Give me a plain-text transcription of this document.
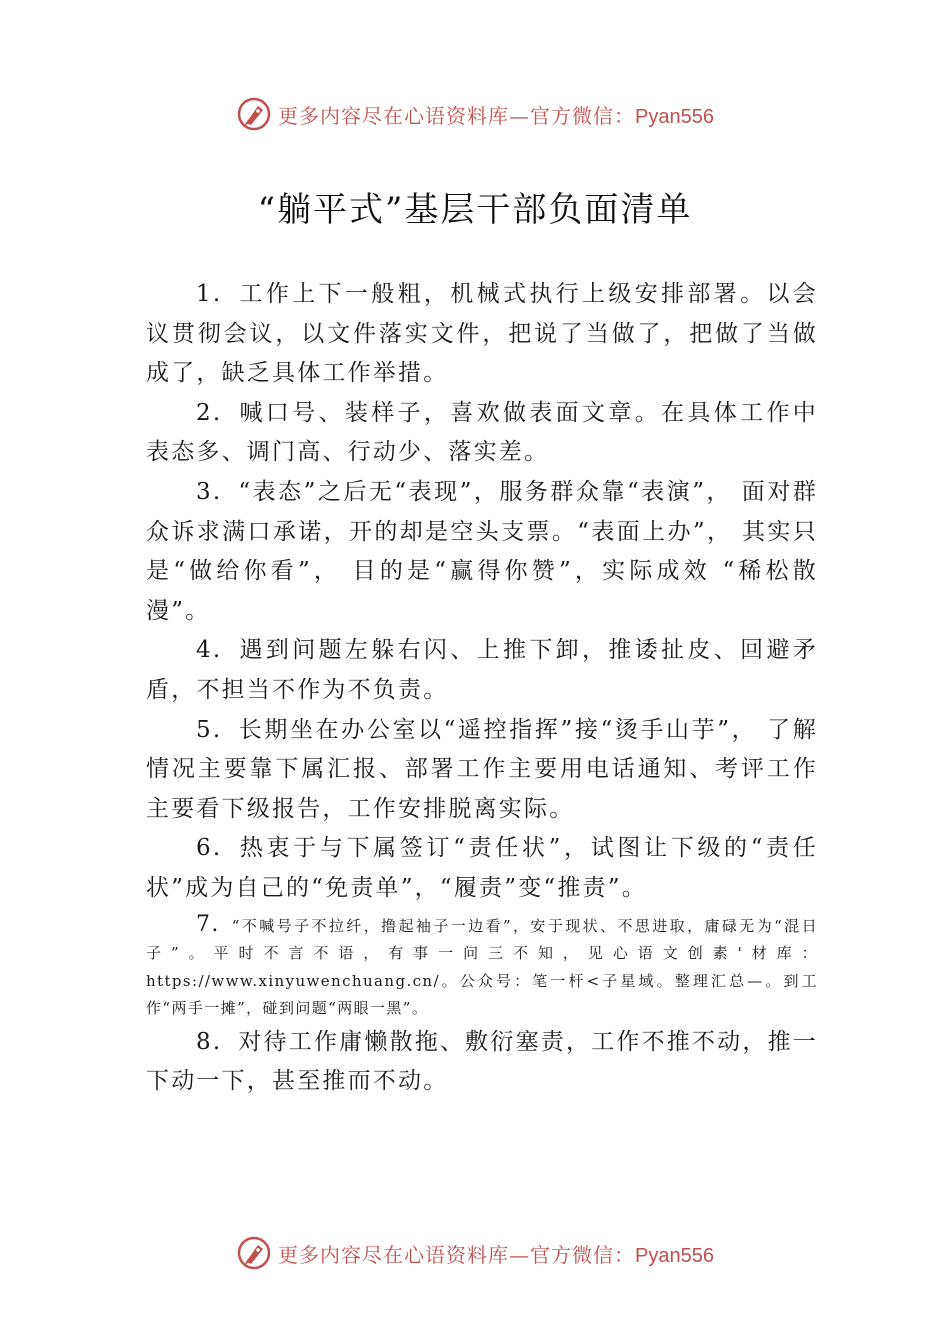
更多内容尽在心语资料库—官方微信：Pyan556
“躺平式”基层干部负面清单

1. 工作上下一般粗，机械式执行上级安排部署。以会 议贯彻会议，以文件落实文件，把说了当做了，把做了当做成了，缺乏具体工作举措。

2. 喊口号、装样子，喜欢做表面文章。在具体工作中 表态多、调门高、行动少、落实差。

3. “表态”之后无“表现”，服务群众靠“表演”， 面对群众诉求满口承诺，开的却是空头支票。“表面上办”， 其实只是“做给你看”， 目的是“赢得你赞”，实际成效 “稀松散漫”。

4. 遇到问题左躲右闪、上推下卸，推诿扯皮、回避矛盾，不担当不作为不负责。

5. 长期坐在办公室以“遥控指挥”接“烫手山芋”， 了解情况主要靠下属汇报、部署工作主要用电话通知、考评工作主要看下级报告，工作安排脱离实际。

6. 热衷于与下属签订“责任状”，试图让下级的“责任状”成为自己的“免责单”，“履责”变“推责”。

7. “不喊号子不拉纤，撸起袖子一边看”，安于现状、不思进取，庸碌无为“混日子”。平时不言不语，有事一问三不知，见心语文创素'材库：https://www.xinyuwenchuang.cn/。公众号：笔一杆<子星域。整理汇总—。到工作“两手一摊”，碰到问题“两眼一黑”。

8. 对待工作庸懒散拖、敷衍塞责，工作不推不动，推一下动一下，甚至推而不动。

更多内容尽在心语资料库—官方微信：Pyan556
